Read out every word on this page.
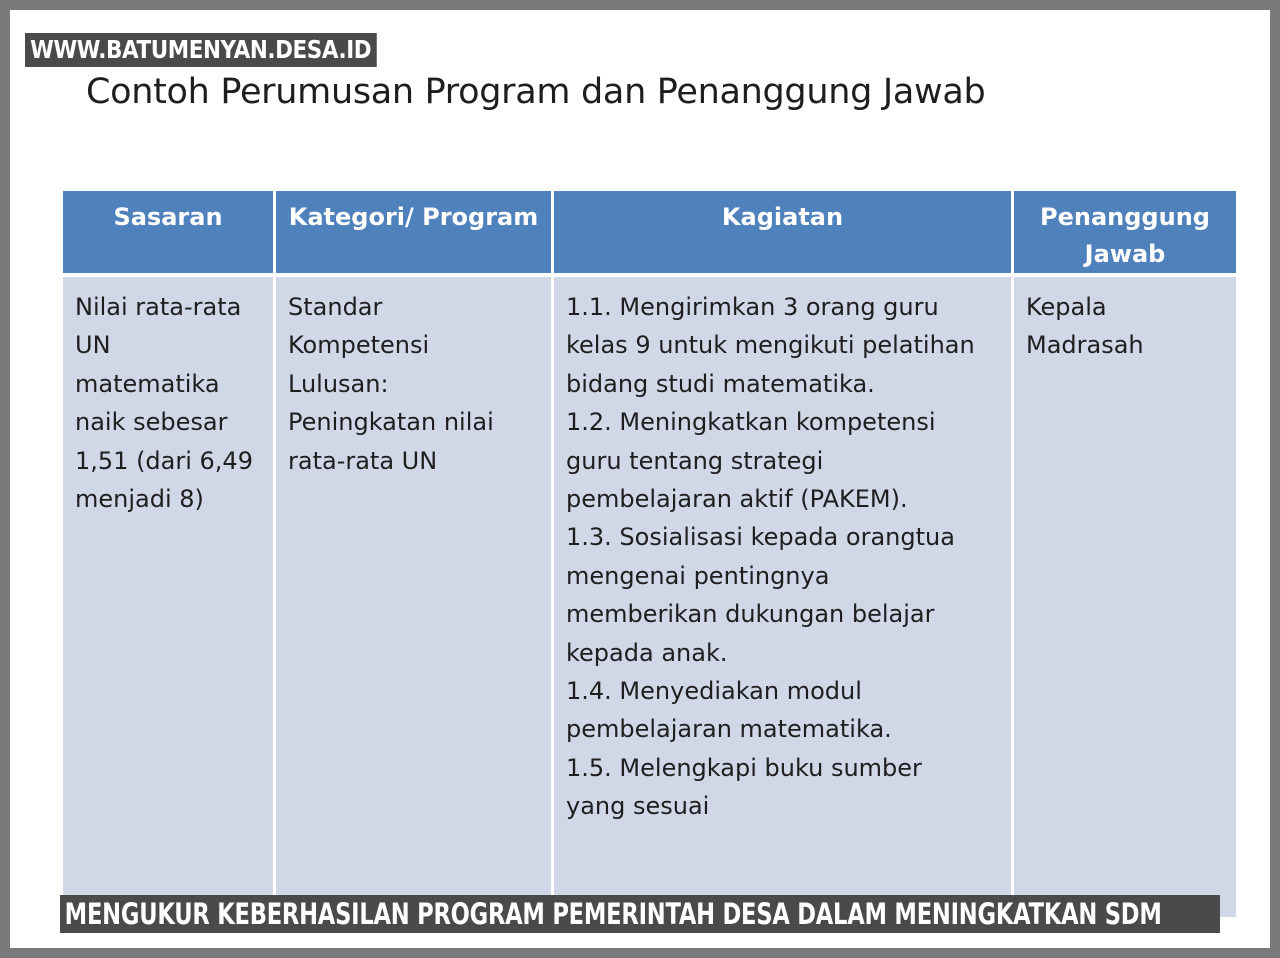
Contoh Perumusan Program dan Penanggung Jawab
Sasaran	Kategori/ Program	Kagiatan	Penanggung Jawab
Nilai rata-rata UN matematika naik sebesar 1,51 (dari 6,49 menjadi 8)	Standar Kompetensi Lulusan: Peningkatan nilai rata-rata UN	1.1. Mengirimkan 3 orang guru kelas 9 untuk mengikuti pelatihan bidang studi matematika.
1.2. Meningkatkan kompetensi guru tentang strategi pembelajaran aktif (PAKEM).
1.3. Sosialisasi kepada orangtua mengenai pentingnya memberikan dukungan belajar kepada anak.
1.4. Menyediakan modul pembelajaran matematika.
1.5. Melengkapi buku sumber yang sesuai	Kepala Madrasah
WWW.BATUMENYAN.DESA.ID
MENGUKUR KEBERHASILAN PROGRAM PEMERINTAH DESA DALAM MENINGKATKAN SDM
